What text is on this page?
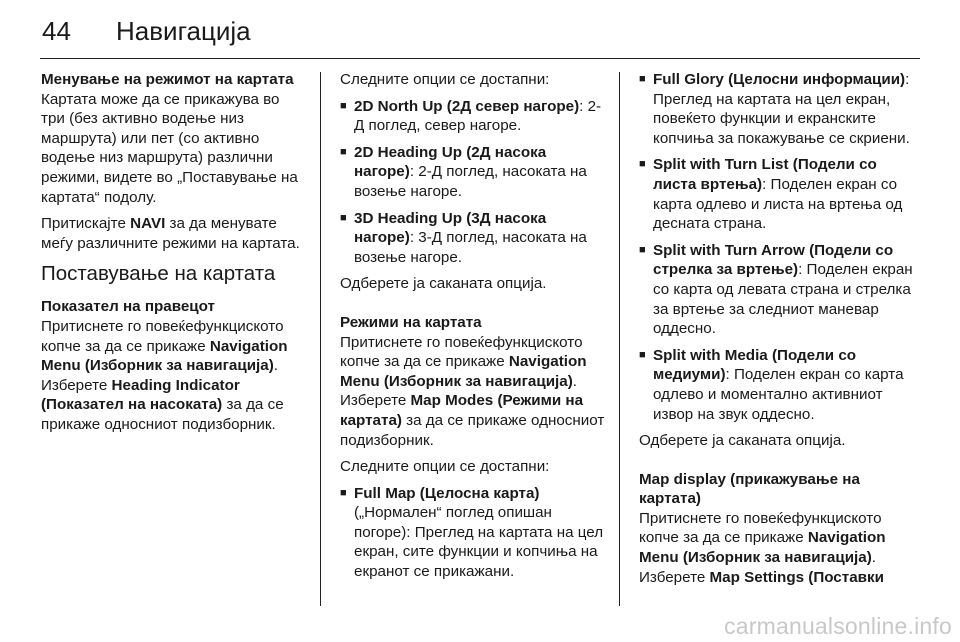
44	Навигација

Менување на режимот на картата

Картата може да се прикажува во три (без активно водење низ маршрута) или пет (со активно водење низ маршрута) различни режими, видете во „Поставување на картата“ подолу.

Притискајте NAVI за да менувате меѓу различните режими на картата.

Поставување на картата

Показател на правецот

Притиснете го повеќефункциското копче за да се прикаже Navigation Menu (Изборник за навигација). Изберете Heading Indicator (Показател на насоката) за да се прикаже односниот подизборник.

Следните опции се достапни:

■ 2D North Up (2Д север нагоре): 2-Д поглед, север нагоре.
■ 2D Heading Up (2Д насока нагоре): 2-Д поглед, насоката на возење нагоре.
■ 3D Heading Up (3Д насока нагоре): 3-Д поглед, насоката на возење нагоре.

Одберете ја саканата опција.

Режими на картата

Притиснете го повеќефункциското копче за да се прикаже Navigation Menu (Изборник за навигација). Изберете Map Modes (Режими на картата) за да се прикаже односниот подизборник.

Следните опции се достапни:

■ Full Map (Целосна карта) („Нормален“ поглед опишан погоре): Преглед на картата на цел екран, сите функции и копчиња на екранот се прикажани.
■ Full Glory (Целосни информации): Преглед на картата на цел екран, повеќето функции и екранските копчиња за покажување се скриени.
■ Split with Turn List (Подели со листа вртења): Поделен екран со карта одлево и листа на вртења од десната страна.
■ Split with Turn Arrow (Подели со стрелка за вртење): Поделен екран со карта од левата страна и стрелка за вртење за следниот маневар оддесно.
■ Split with Media (Подели со медиуми): Поделен екран со карта одлево и моментално активниот извор на звук оддесно.

Одберете ја саканата опција.

Map display (прикажување на картата)

Притиснете го повеќефункциското копче за да се прикаже Navigation Menu (Изборник за навигација). Изберете Map Settings (Поставки

carmanualsonline.info
